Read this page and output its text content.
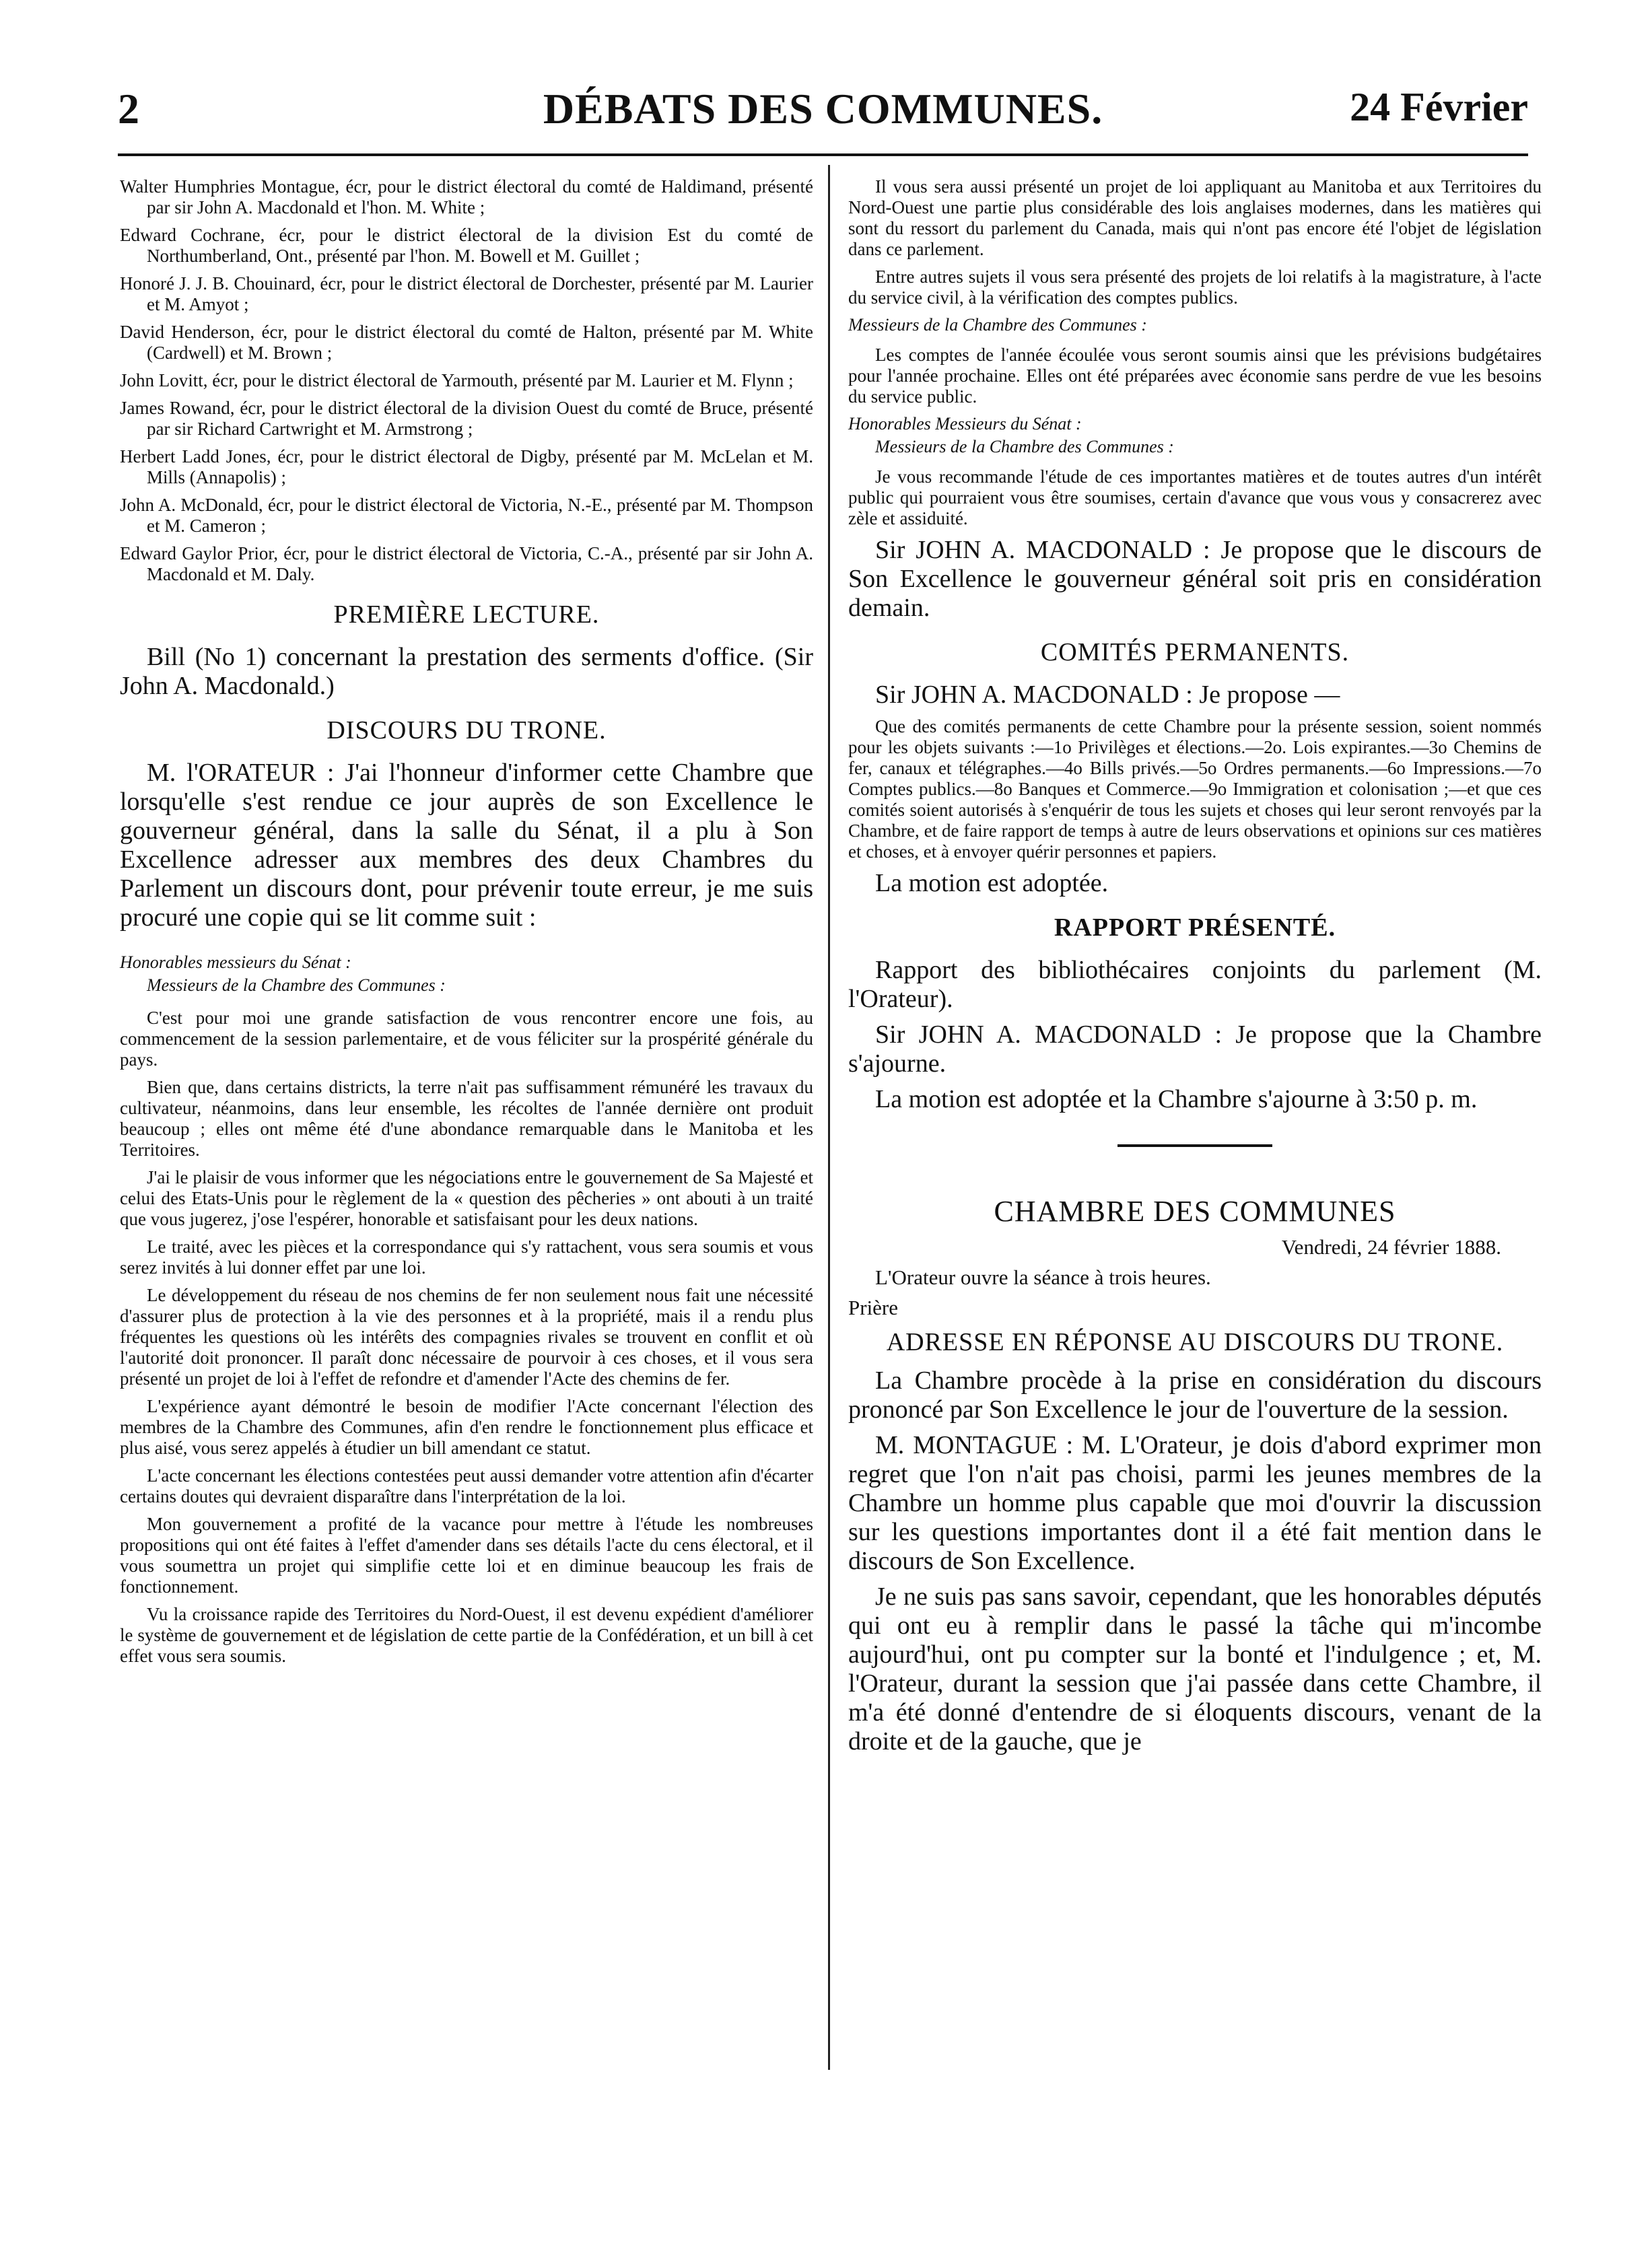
2	DÉBATS DES COMMUNES.	24 Février

Walter Humphries Montague, écr, pour le district électoral du comté de Haldimand, présenté par sir John A. Macdonald et l'hon. M. White ;

Edward Cochrane, écr, pour le district électoral de la division Est du comté de Northumberland, Ont., présenté par l'hon. M. Bowell et M. Guillet ;

Honoré J. J. B. Chouinard, écr, pour le district électoral de Dorchester, présenté par M. Laurier et M. Amyot ;

David Henderson, écr, pour le district électoral du comté de Halton, présenté par M. White (Cardwell) et M. Brown ;

John Lovitt, écr, pour le district électoral de Yarmouth, présenté par M. Laurier et M. Flynn ;

James Rowand, écr, pour le district électoral de la division Ouest du comté de Bruce, présenté par sir Richard Cartwright et M. Armstrong ;

Herbert Ladd Jones, écr, pour le district électoral de Digby, présenté par M. McLelan et M. Mills (Annapolis) ;

John A. McDonald, écr, pour le district électoral de Victoria, N.-E., présenté par M. Thompson et M. Cameron ;

Edward Gaylor Prior, écr, pour le district électoral de Victoria, C.-A., présenté par sir John A. Macdonald et M. Daly.

PREMIÈRE LECTURE.

Bill (No 1) concernant la prestation des serments d'office. (Sir John A. Macdonald.)

DISCOURS DU TRONE.

M. l'ORATEUR : J'ai l'honneur d'informer cette Chambre que lorsqu'elle s'est rendue ce jour auprès de son Excellence le gouverneur général, dans la salle du Sénat, il a plu à Son Excellence adresser aux membres des deux Chambres du Parlement un discours dont, pour prévenir toute erreur, je me suis procuré une copie qui se lit comme suit :

Honorables messieurs du Sénat :

Messieurs de la Chambre des Communes :

C'est pour moi une grande satisfaction de vous rencontrer encore une fois, au commencement de la session parlementaire, et de vous féliciter sur la prospérité générale du pays.

Bien que, dans certains districts, la terre n'ait pas suffisamment rémunéré les travaux du cultivateur, néanmoins, dans leur ensemble, les récoltes de l'année dernière ont produit beaucoup ; elles ont même été d'une abondance remarquable dans le Manitoba et les Territoires.

J'ai le plaisir de vous informer que les négociations entre le gouvernement de Sa Majesté et celui des Etats-Unis pour le règlement de la « question des pêcheries » ont abouti à un traité que vous jugerez, j'ose l'espérer, honorable et satisfaisant pour les deux nations.

Le traité, avec les pièces et la correspondance qui s'y rattachent, vous sera soumis et vous serez invités à lui donner effet par une loi.

Le développement du réseau de nos chemins de fer non seulement nous fait une nécessité d'assurer plus de protection à la vie des personnes et à la propriété, mais il a rendu plus fréquentes les questions où les intérêts des compagnies rivales se trouvent en conflit et où l'autorité doit prononcer. Il paraît donc nécessaire de pourvoir à ces choses, et il vous sera présenté un projet de loi à l'effet de refondre et d'amender l'Acte des chemins de fer.

L'expérience ayant démontré le besoin de modifier l'Acte concernant l'élection des membres de la Chambre des Communes, afin d'en rendre le fonctionnement plus efficace et plus aisé, vous serez appelés à étudier un bill amendant ce statut.

L'acte concernant les élections contestées peut aussi demander votre attention afin d'écarter certains doutes qui devraient disparaître dans l'interprétation de la loi.

Mon gouvernement a profité de la vacance pour mettre à l'étude les nombreuses propositions qui ont été faites à l'effet d'amender dans ses détails l'acte du cens électoral, et il vous soumettra un projet qui simplifie cette loi et en diminue beaucoup les frais de fonctionnement.

Vu la croissance rapide des Territoires du Nord-Ouest, il est devenu expédient d'améliorer le système de gouvernement et de législation de cette partie de la Confédération, et un bill à cet effet vous sera soumis.

Il vous sera aussi présenté un projet de loi appliquant au Manitoba et aux Territoires du Nord-Ouest une partie plus considérable des lois anglaises modernes, dans les matières qui sont du ressort du parlement du Canada, mais qui n'ont pas encore été l'objet de législation dans ce parlement.

Entre autres sujets il vous sera présenté des projets de loi relatifs à la magistrature, à l'acte du service civil, à la vérification des comptes publics.

Messieurs de la Chambre des Communes :

Les comptes de l'année écoulée vous seront soumis ainsi que les prévisions budgétaires pour l'année prochaine. Elles ont été préparées avec économie sans perdre de vue les besoins du service public.

Honorables Messieurs du Sénat :

Messieurs de la Chambre des Communes :

Je vous recommande l'étude de ces importantes matières et de toutes autres d'un intérêt public qui pourraient vous être soumises, certain d'avance que vous vous y consacrerez avec zèle et assiduité.

Sir JOHN A. MACDONALD : Je propose que le discours de Son Excellence le gouverneur général soit pris en considération demain.

COMITÉS PERMANENTS.

Sir JOHN A. MACDONALD : Je propose —

Que des comités permanents de cette Chambre pour la présente session, soient nommés pour les objets suivants :—1o Privilèges et élections.—2o. Lois expirantes.—3o Chemins de fer, canaux et télégraphes.—4o Bills privés.—5o Ordres permanents.—6o Impressions.—7o Comptes publics.—8o Banques et Commerce.—9o Immigration et colonisation ;—et que ces comités soient autorisés à s'enquérir de tous les sujets et choses qui leur seront renvoyés par la Chambre, et de faire rapport de temps à autre de leurs observations et opinions sur ces matières et choses, et à envoyer quérir personnes et papiers.

La motion est adoptée.

RAPPORT PRÉSENTÉ.

Rapport des bibliothécaires conjoints du parlement (M. l'Orateur).

Sir JOHN A. MACDONALD : Je propose que la Chambre s'ajourne.

La motion est adoptée et la Chambre s'ajourne à 3:50 p. m.

CHAMBRE DES COMMUNES

Vendredi, 24 février 1888.

L'Orateur ouvre la séance à trois heures.

Prière

ADRESSE EN RÉPONSE AU DISCOURS DU TRONE.

La Chambre procède à la prise en considération du discours prononcé par Son Excellence le jour de l'ouverture de la session.

M. MONTAGUE : M. L'Orateur, je dois d'abord exprimer mon regret que l'on n'ait pas choisi, parmi les jeunes membres de la Chambre un homme plus capable que moi d'ouvrir la discussion sur les questions importantes dont il a été fait mention dans le discours de Son Excellence.

Je ne suis pas sans savoir, cependant, que les honorables députés qui ont eu à remplir dans le passé la tâche qui m'incombe aujourd'hui, ont pu compter sur la bonté et l'indulgence ; et, M. l'Orateur, durant la session que j'ai passée dans cette Chambre, il m'a été donné d'entendre de si éloquents discours, venant de la droite et de la gauche, que je
